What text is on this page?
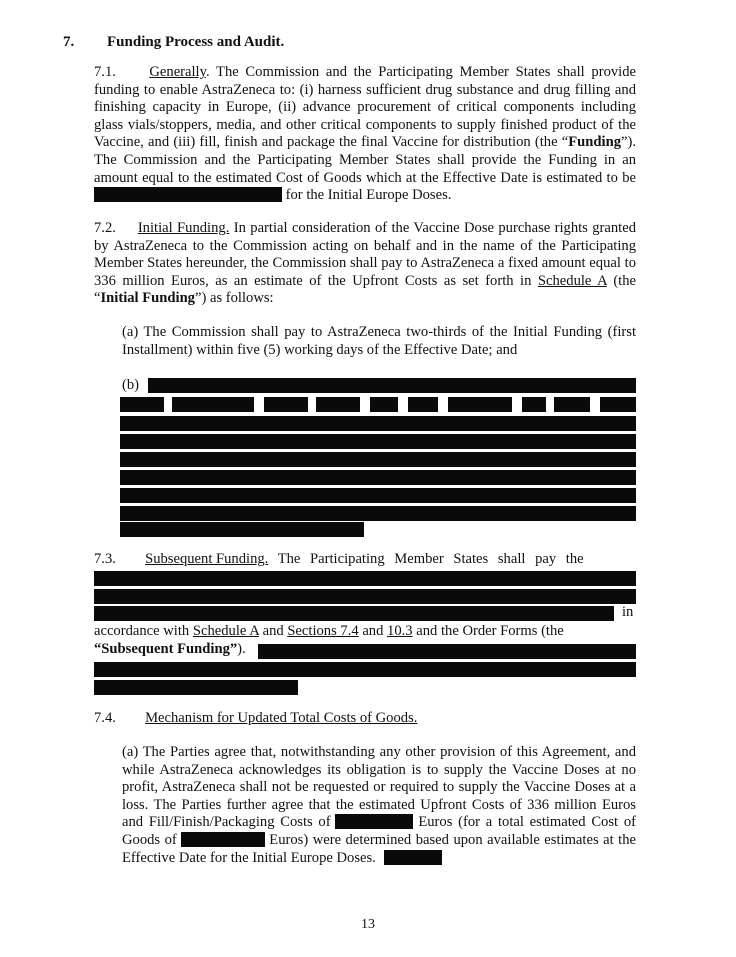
7. Funding Process and Audit.
7.1. Generally. The Commission and the Participating Member States shall provide funding to enable AstraZeneca to: (i) harness sufficient drug substance and drug filling and finishing capacity in Europe, (ii) advance procurement of critical components including glass vials/stoppers, media, and other critical components to supply finished product of the Vaccine, and (iii) fill, finish and package the final Vaccine for distribution (the “Funding”). The Commission and the Participating Member States shall provide the Funding in an amount equal to the estimated Cost of Goods which at the Effective Date is estimated to be for the Initial Europe Doses.
7.2. Initial Funding. In partial consideration of the Vaccine Dose purchase rights granted by AstraZeneca to the Commission acting on behalf and in the name of the Participating Member States hereunder, the Commission shall pay to AstraZeneca a fixed amount equal to 336 million Euros, as an estimate of the Upfront Costs as set forth in Schedule A (the “Initial Funding”) as follows:
(a) The Commission shall pay to AstraZeneca two-thirds of the Initial Funding (first Installment) within five (5) working days of the Effective Date; and
(b)
7.3. Subsequent Funding. The Participating Member States shall pay the
in
accordance with Schedule A and Sections 7.4 and 10.3 and the Order Forms (the
“Subsequent Funding”).
7.4. Mechanism for Updated Total Costs of Goods.
(a) The Parties agree that, notwithstanding any other provision of this Agreement, and while AstraZeneca acknowledges its obligation is to supply the Vaccine Doses at no profit, AstraZeneca shall not be requested or required to supply the Vaccine Doses at a loss. The Parties further agree that the estimated Upfront Costs of 336 million Euros and Fill/Finish/Packaging Costs of	Euros (for a total estimated Cost of Goods of	Euros) were determined based upon available estimates at the Effective Date for the Initial Europe Doses.
13
